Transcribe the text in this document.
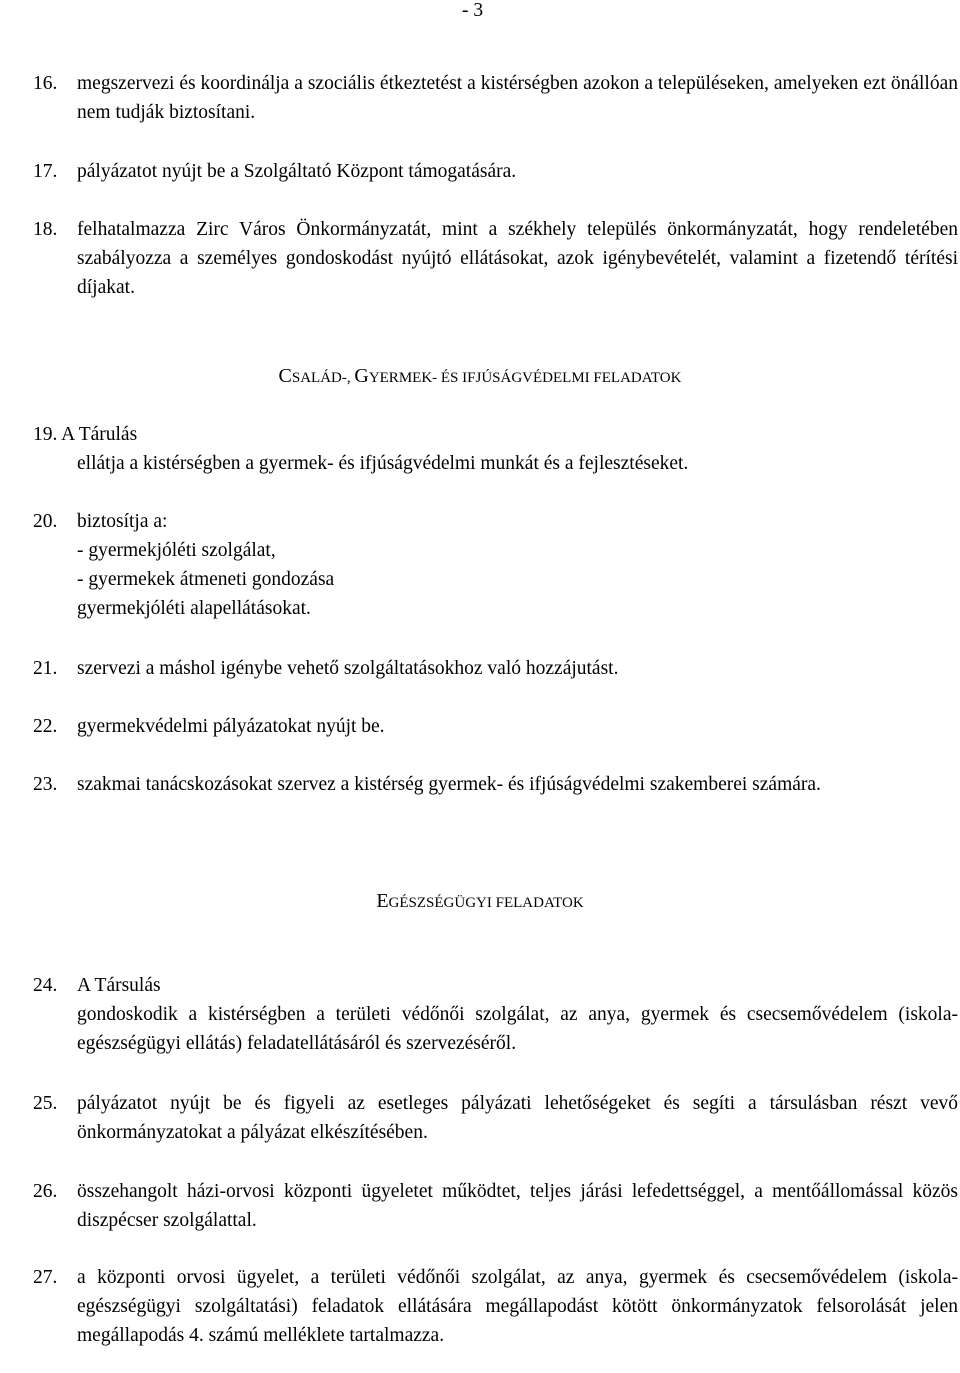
- 3
16. megszervezi és koordinálja a szociális étkeztetést a kistérségben azokon a településeken, amelyeken ezt önállóan nem tudják biztosítani.
17. pályázatot nyújt be a Szolgáltató Központ támogatására.
18. felhatalmazza Zirc Város Önkormányzatát, mint a székhely település önkormányzatát, hogy rendeletében szabályozza a személyes gondoskodást nyújtó ellátásokat, azok igénybevételét, valamint a fizetendő térítési díjakat.
CSALÁD-, GYERMEK- ÉS IFJÚSÁGVÉDELMI FELADATOK
19. A Tárulás
ellátja a kistérségben a gyermek- és ifjúságvédelmi munkát és a fejlesztéseket.
20. biztosítja a:
- gyermekjóléti szolgálat,
- gyermekek átmeneti gondozása
gyermekjóléti alapellátásokat.
21. szervezi a máshol igénybe vehető szolgáltatásokhoz való hozzájutást.
22. gyermekvédelmi pályázatokat nyújt be.
23. szakmai tanácskozásokat szervez a kistérség gyermek- és ifjúságvédelmi szakemberei számára.
EGÉSZSÉGÜGYI FELADATOK
24. A Társulás
gondoskodik a kistérségben a területi védőnői szolgálat, az anya, gyermek és csecsemővédelem (iskola-egészségügyi ellátás) feladatellátásáról és szervezéséről.
25. pályázatot nyújt be és figyeli az esetleges pályázati lehetőségeket és segíti a társulásban részt vevő önkormányzatokat a pályázat elkészítésében.
26. összehangolt házi-orvosi központi ügyeletet működtet, teljes járási lefedettséggel, a mentőállomással közös diszpécser szolgálattal.
27. a központi orvosi ügyelet, a területi védőnői szolgálat, az anya, gyermek és csecsemővédelem (iskola- egészségügyi szolgáltatási) feladatok ellátására megállapodást kötött önkormányzatok felsorolását jelen megállapodás 4. számú melléklete tartalmazza.
